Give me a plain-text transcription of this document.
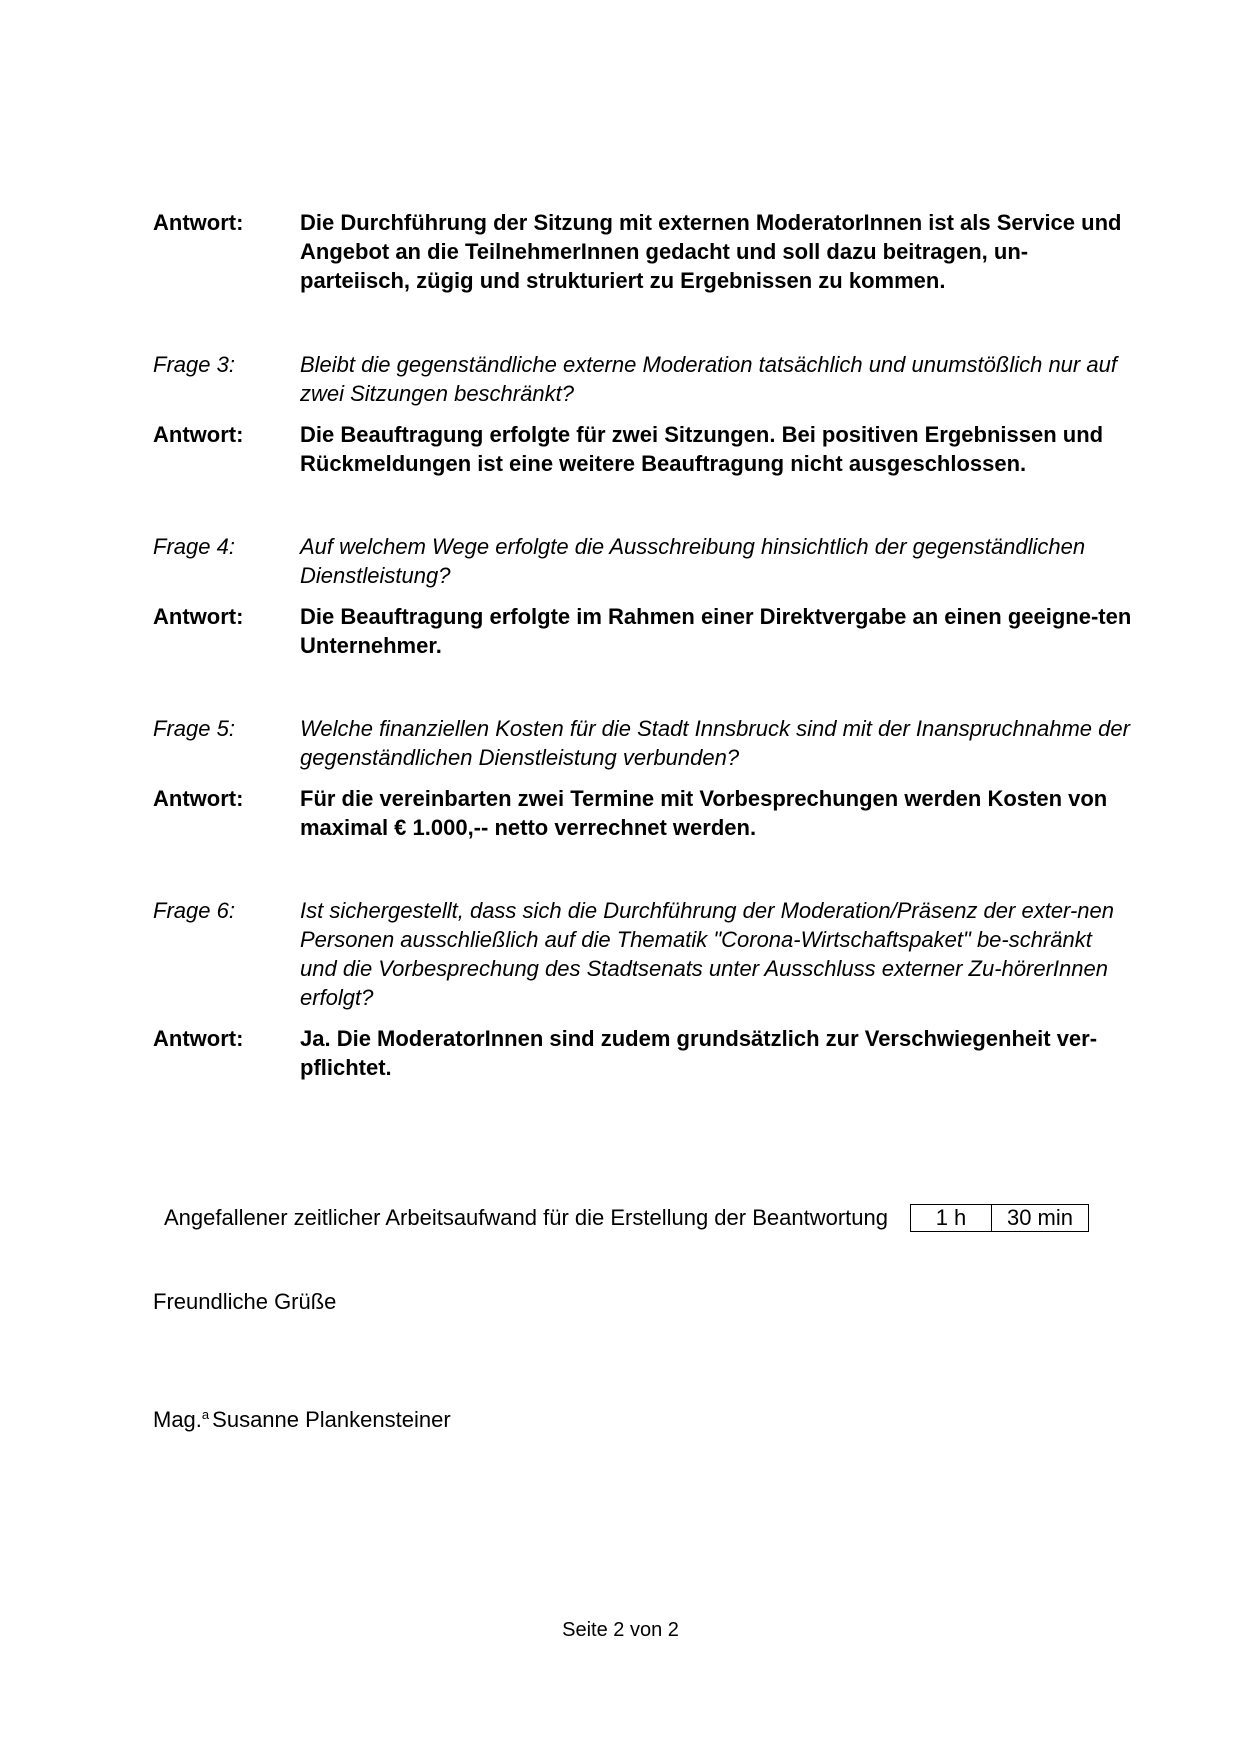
Antwort:	Die Durchführung der Sitzung mit externen ModeratorInnen ist als Service und Angebot an die TeilnehmerInnen gedacht und soll dazu beitragen, un-parteiisch, zügig und strukturiert zu Ergebnissen zu kommen.
Frage 3:	Bleibt die gegenständliche externe Moderation tatsächlich und unumstößlich nur auf zwei Sitzungen beschränkt?
Antwort:	Die Beauftragung erfolgte für zwei Sitzungen. Bei positiven Ergebnissen und Rückmeldungen ist eine weitere Beauftragung nicht ausgeschlossen.
Frage 4:	Auf welchem Wege erfolgte die Ausschreibung hinsichtlich der gegenständlichen Dienstleistung?
Antwort:	Die Beauftragung erfolgte im Rahmen einer Direktvergabe an einen geeigne-ten Unternehmer.
Frage 5:	Welche finanziellen Kosten für die Stadt Innsbruck sind mit der Inanspruchnahme der gegenständlichen Dienstleistung verbunden?
Antwort:	Für die vereinbarten zwei Termine mit Vorbesprechungen werden Kosten von maximal € 1.000,-- netto verrechnet werden.
Frage 6:	Ist sichergestellt, dass sich die Durchführung der Moderation/Präsenz der exter-nen Personen ausschließlich auf die Thematik "Corona-Wirtschaftspaket" be-schränkt und die Vorbesprechung des Stadtsenats unter Ausschluss externer Zu-hörerInnen erfolgt?
Antwort:	Ja. Die ModeratorInnen sind zudem grundsätzlich zur Verschwiegenheit ver-pflichtet.
Angefallener zeitlicher Arbeitsaufwand für die Erstellung der Beantwortung	1 h	30 min
Freundliche Grüße
Mag.$^a$ Susanne Plankensteiner
Seite 2 von 2
